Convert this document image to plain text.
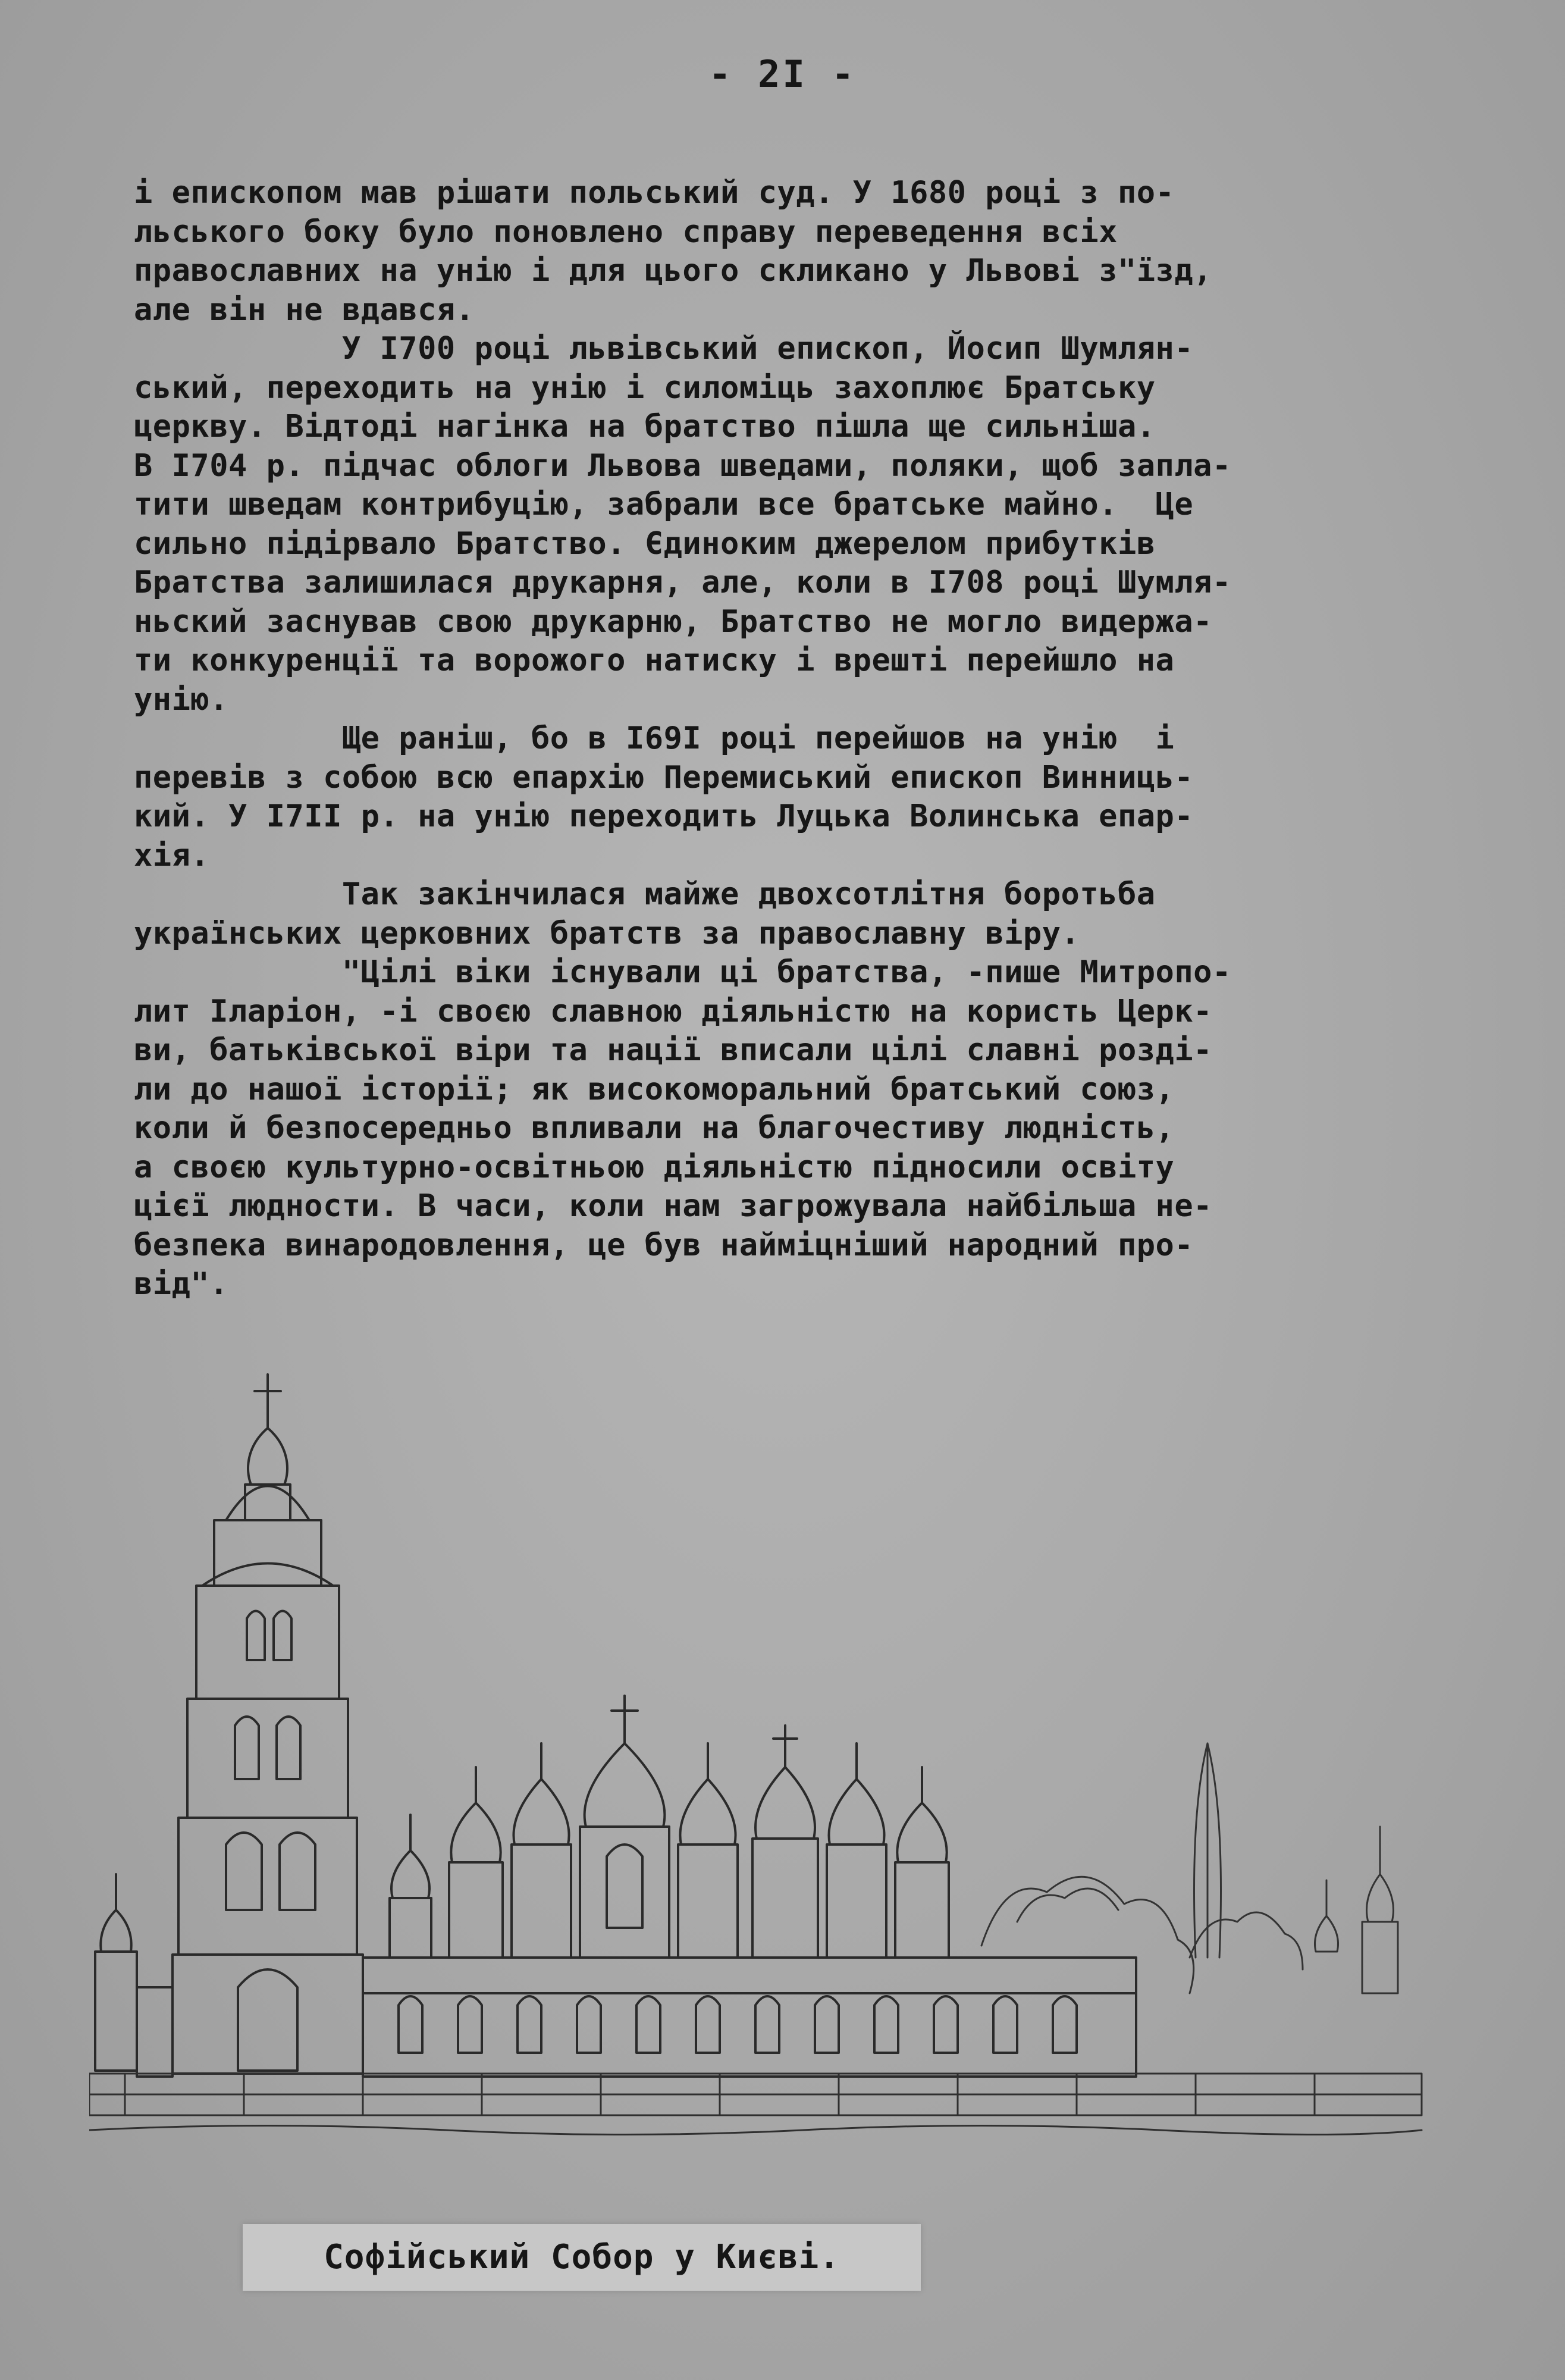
- 2I -
і епископом мав рішати польський суд. У 1680 році з по-
льського боку було поновлено справу переведення всіх
православних на унію і для цього скликано у Львові з"їзд,
але він не вдався.
У I700 році львівський епископ, Йосип Шумлян-
ський, переходить на унію і силоміць захоплює Братську
церкву. Відтоді нагінка на братство пішла ще сильніша.
В I704 р. підчас облоги Львова шведами, поляки, щоб запла-
тити шведам контрибуцію, забрали все братське майно.  Це
сильно підірвало Братство. Єдиноким джерелом прибутків
Братства залишилася друкарня, але, коли в I708 році Шумля-
ньский заснував свою друкарню, Братство не могло видержа-
ти конкуренції та ворожого натиску і врешті перейшло на
унію.
Ще раніш, бо в I69I році перейшов на унію  і
перевів з собою всю епархію Перемиський епископ Винниць-
кий. У I7II р. на унію переходить Луцька Волинська епар-
хія.
Так закінчилася майже двохсотлітня боротьба
українських церковних братств за православну віру.
"Цілі віки існували ці братства, -пише Митропо-
лит Іларіон, -і своєю славною діяльністю на користь Церк-
ви, батьківської віри та нації вписали цілі славні розді-
ли до нашої історії; як високоморальний братський союз,
коли й безпосередньо впливали на благочестиву людність,
а своєю культурно-освітньою діяльністю підносили освіту
цієї людности. В часи, коли нам загрожувала найбільша не-
безпека винародовлення, це був найміцніший народний про-
від".
Софійський Собор у Києві.
